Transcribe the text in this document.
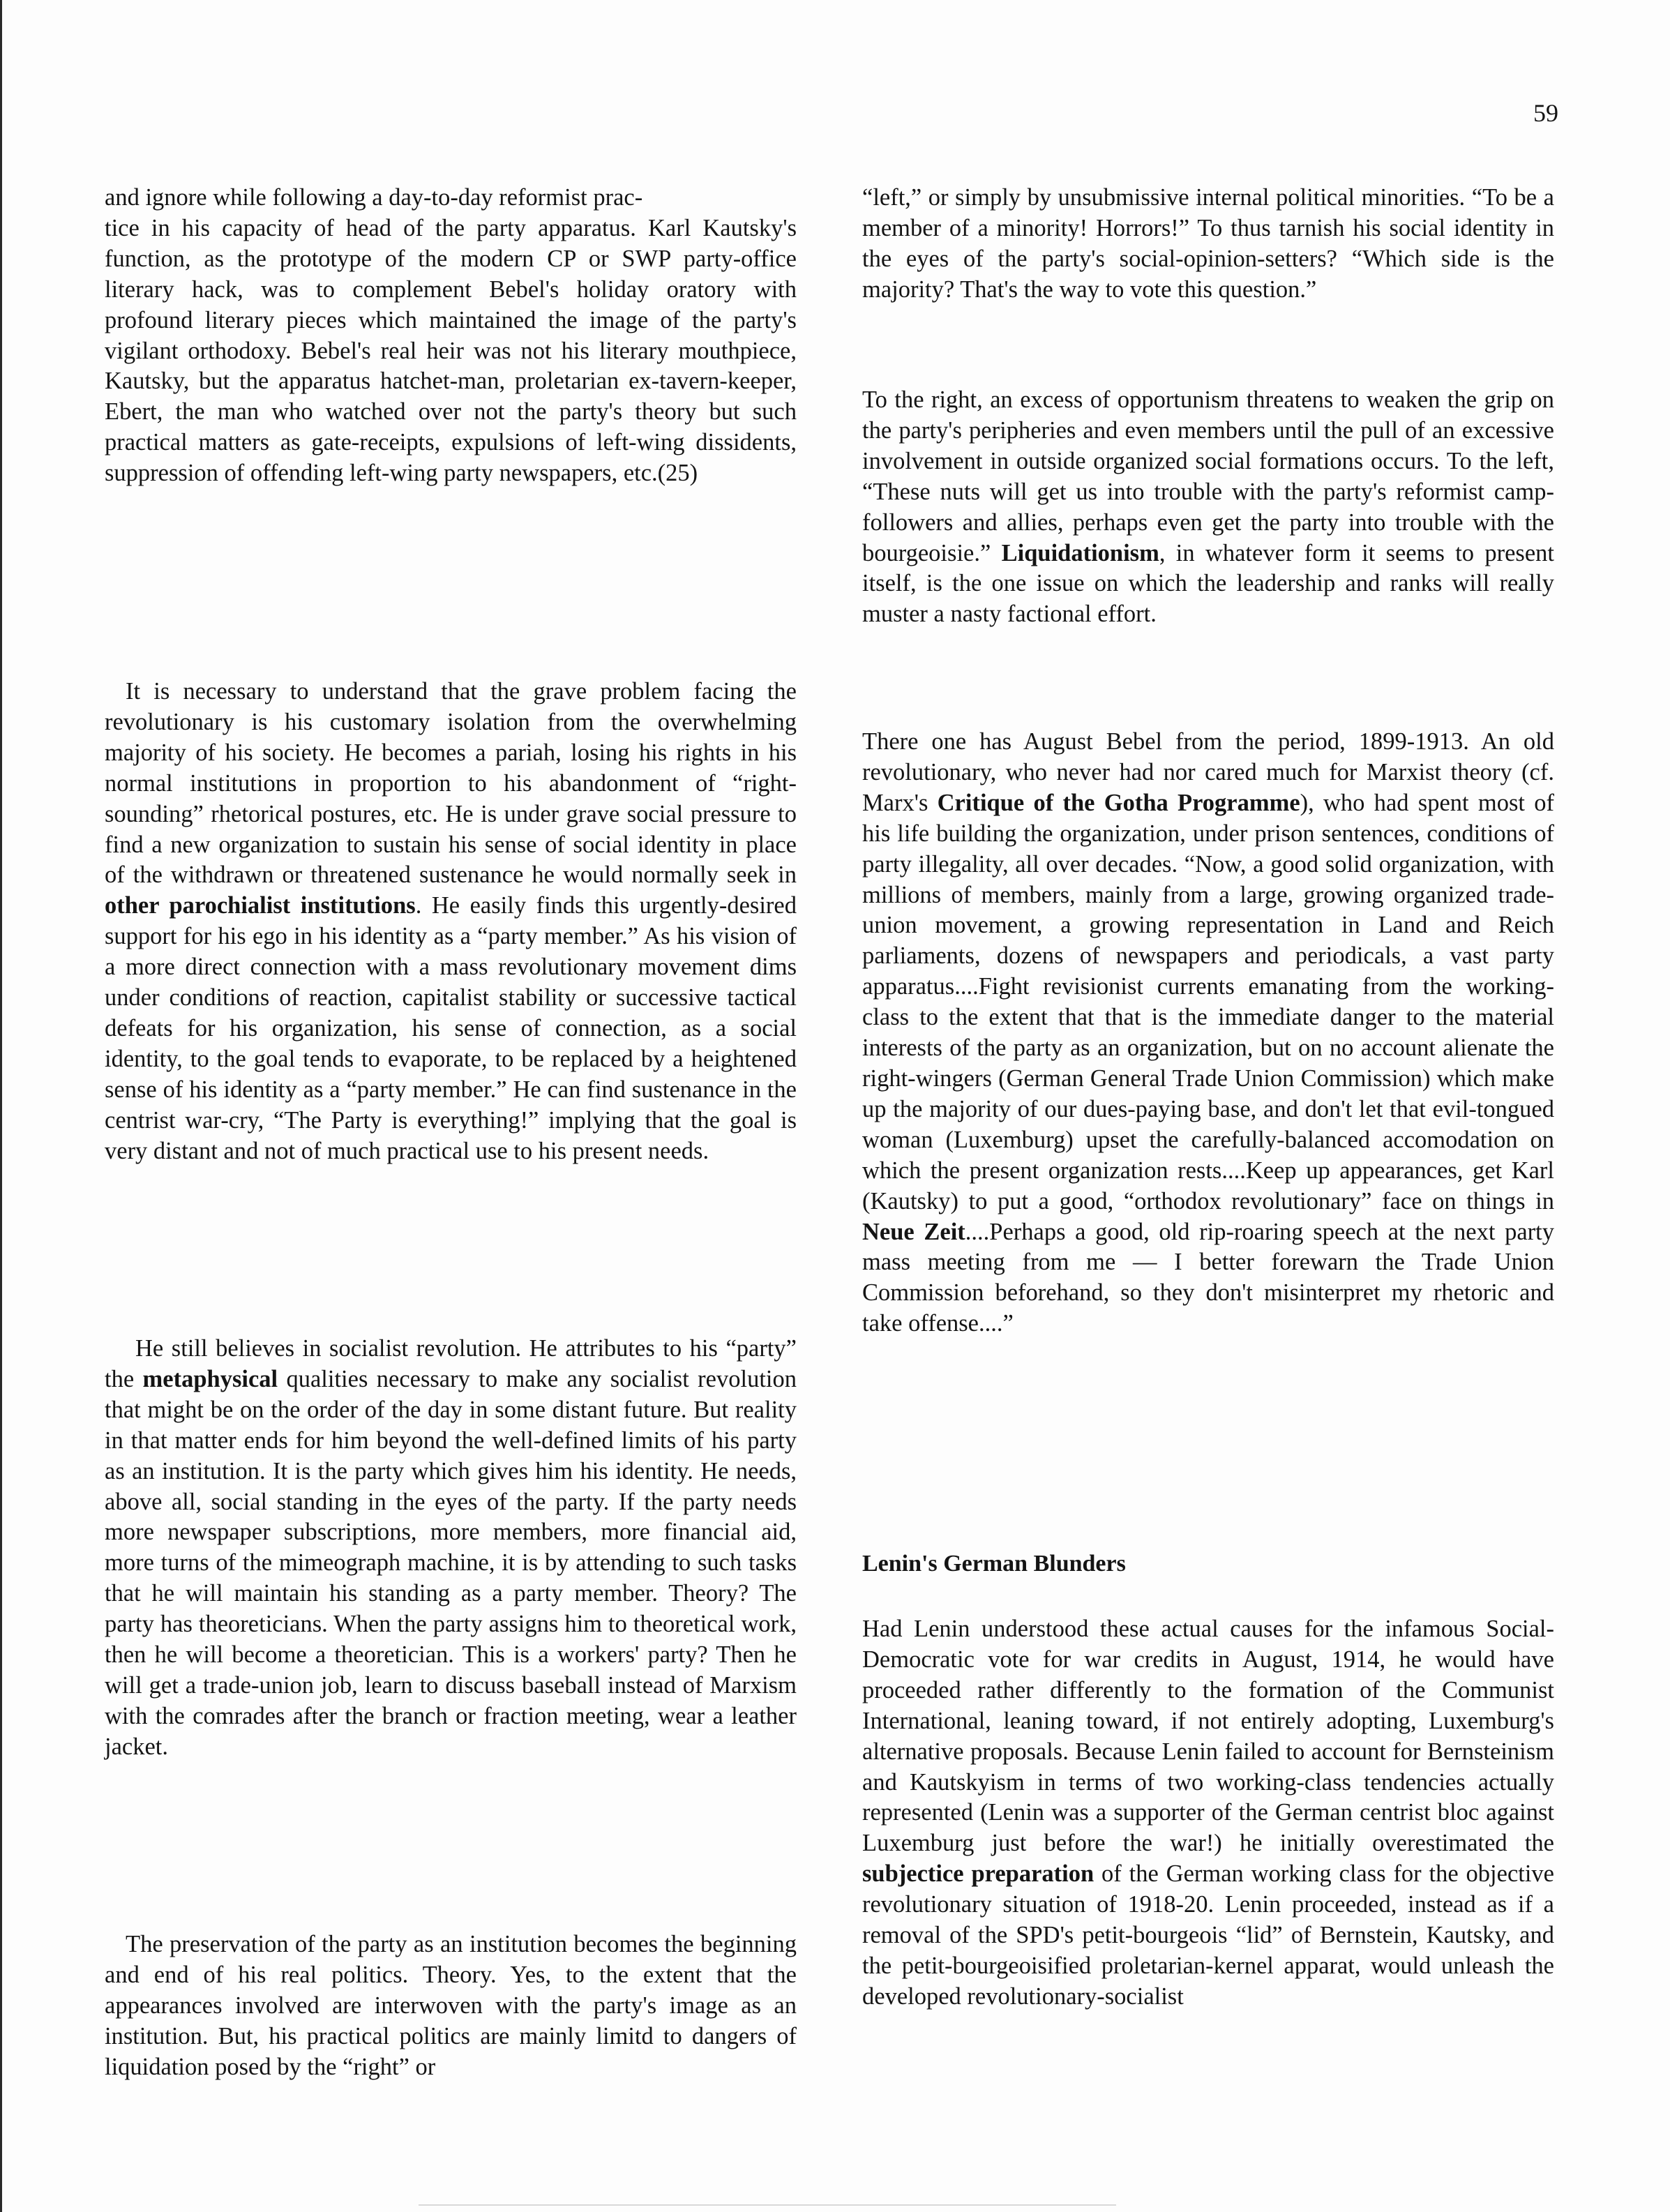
59

and ignore while following a day-to-day reformist prac-
tice in his capacity of head of the party apparatus. Karl Kautsky's function, as the prototype of the modern CP or SWP party-office literary hack, was to complement Bebel's holiday oratory with profound literary pieces which maintained the image of the party's vigilant orthodoxy. Bebel's real heir was not his literary mouthpiece, Kautsky, but the apparatus hatchet-man, proletarian ex-tavern-keeper, Ebert, the man who watched over not the party's theory but such practical matters as gate-receipts, expulsions of left-wing dissidents, suppression of offending left-wing party newspapers, etc.(25)

It is necessary to understand that the grave problem facing the revolutionary is his customary isolation from the overwhelming majority of his society. He becomes a pariah, losing his rights in his normal institutions in proportion to his abandonment of “right-sounding” rhetorical postures, etc. He is under grave social pressure to find a new organization to sustain his sense of social identity in place of the withdrawn or threatened sustenance he would normally seek in other parochialist institutions. He easily finds this urgently-desired support for his ego in his identity as a “party member.” As his vision of a more direct connection with a mass revolutionary movement dims under conditions of reaction, capitalist stability or successive tactical defeats for his organization, his sense of connection, as a social identity, to the goal tends to evaporate, to be replaced by a heightened sense of his identity as a “party member.” He can find sustenance in the centrist war-cry, “The Party is everything!” implying that the goal is very distant and not of much practical use to his present needs.

He still believes in socialist revolution. He attributes to his “party” the metaphysical qualities necessary to make any socialist revolution that might be on the order of the day in some distant future. But reality in that matter ends for him beyond the well-defined limits of his party as an institution. It is the party which gives him his identity. He needs, above all, social standing in the eyes of the party. If the party needs more newspaper subscriptions, more members, more financial aid, more turns of the mimeograph machine, it is by attending to such tasks that he will maintain his standing as a party member. Theory? The party has theoreticians. When the party assigns him to theoretical work, then he will become a theoretician. This is a workers' party? Then he will get a trade-union job, learn to discuss baseball instead of Marxism with the comrades after the branch or fraction meeting, wear a leather jacket.

The preservation of the party as an institution becomes the beginning and end of his real politics. Theory. Yes, to the extent that the appearances involved are interwoven with the party's image as an institution. But, his practical politics are mainly limitd to dangers of liquidation posed by the “right” or

“left,” or simply by unsubmissive internal political minorities. “To be a member of a minority! Horrors!” To thus tarnish his social identity in the eyes of the party's social-opinion-setters? “Which side is the majority? That's the way to vote this question.”

To the right, an excess of opportunism threatens to weaken the grip on the party's peripheries and even members until the pull of an excessive involvement in outside organized social formations occurs. To the left, “These nuts will get us into trouble with the party's reformist camp-followers and allies, perhaps even get the party into trouble with the bourgeoisie.” Liquidationism, in whatever form it seems to present itself, is the one issue on which the leadership and ranks will really muster a nasty factional effort.

There one has August Bebel from the period, 1899-1913. An old revolutionary, who never had nor cared much for Marxist theory (cf. Marx's Critique of the Gotha Programme), who had spent most of his life building the organization, under prison sentences, conditions of party illegality, all over decades. “Now, a good solid organization, with millions of members, mainly from a large, growing organized trade-union movement, a growing representation in Land and Reich parliaments, dozens of newspapers and periodicals, a vast party apparatus....Fight revisionist currents emanating from the working-class to the extent that that is the immediate danger to the material interests of the party as an organization, but on no account alienate the right-wingers (German General Trade Union Commission) which make up the majority of our dues-paying base, and don't let that evil-tongued woman (Luxemburg) upset the carefully-balanced accomodation on which the present organization rests....Keep up appearances, get Karl (Kautsky) to put a good, “orthodox revolutionary” face on things in Neue Zeit....Perhaps a good, old rip-roaring speech at the next party mass meeting from me — I better forewarn the Trade Union Commission beforehand, so they don't misinterpret my rhetoric and take offense....”

Lenin's German Blunders

Had Lenin understood these actual causes for the infamous Social-Democratic vote for war credits in August, 1914, he would have proceeded rather differently to the formation of the Communist International, leaning toward, if not entirely adopting, Luxemburg's alternative proposals. Because Lenin failed to account for Bernsteinism and Kautskyism in terms of two working-class tendencies actually represented (Lenin was a supporter of the German centrist bloc against Luxemburg just before the war!) he initially overestimated the subjectice preparation of the German working class for the objective revolutionary situation of 1918-20. Lenin proceeded, instead as if a removal of the SPD's petit-bourgeois “lid” of Bernstein, Kautsky, and the petit-bourgeoisified proletarian-kernel apparat, would unleash the developed revolutionary-socialist
